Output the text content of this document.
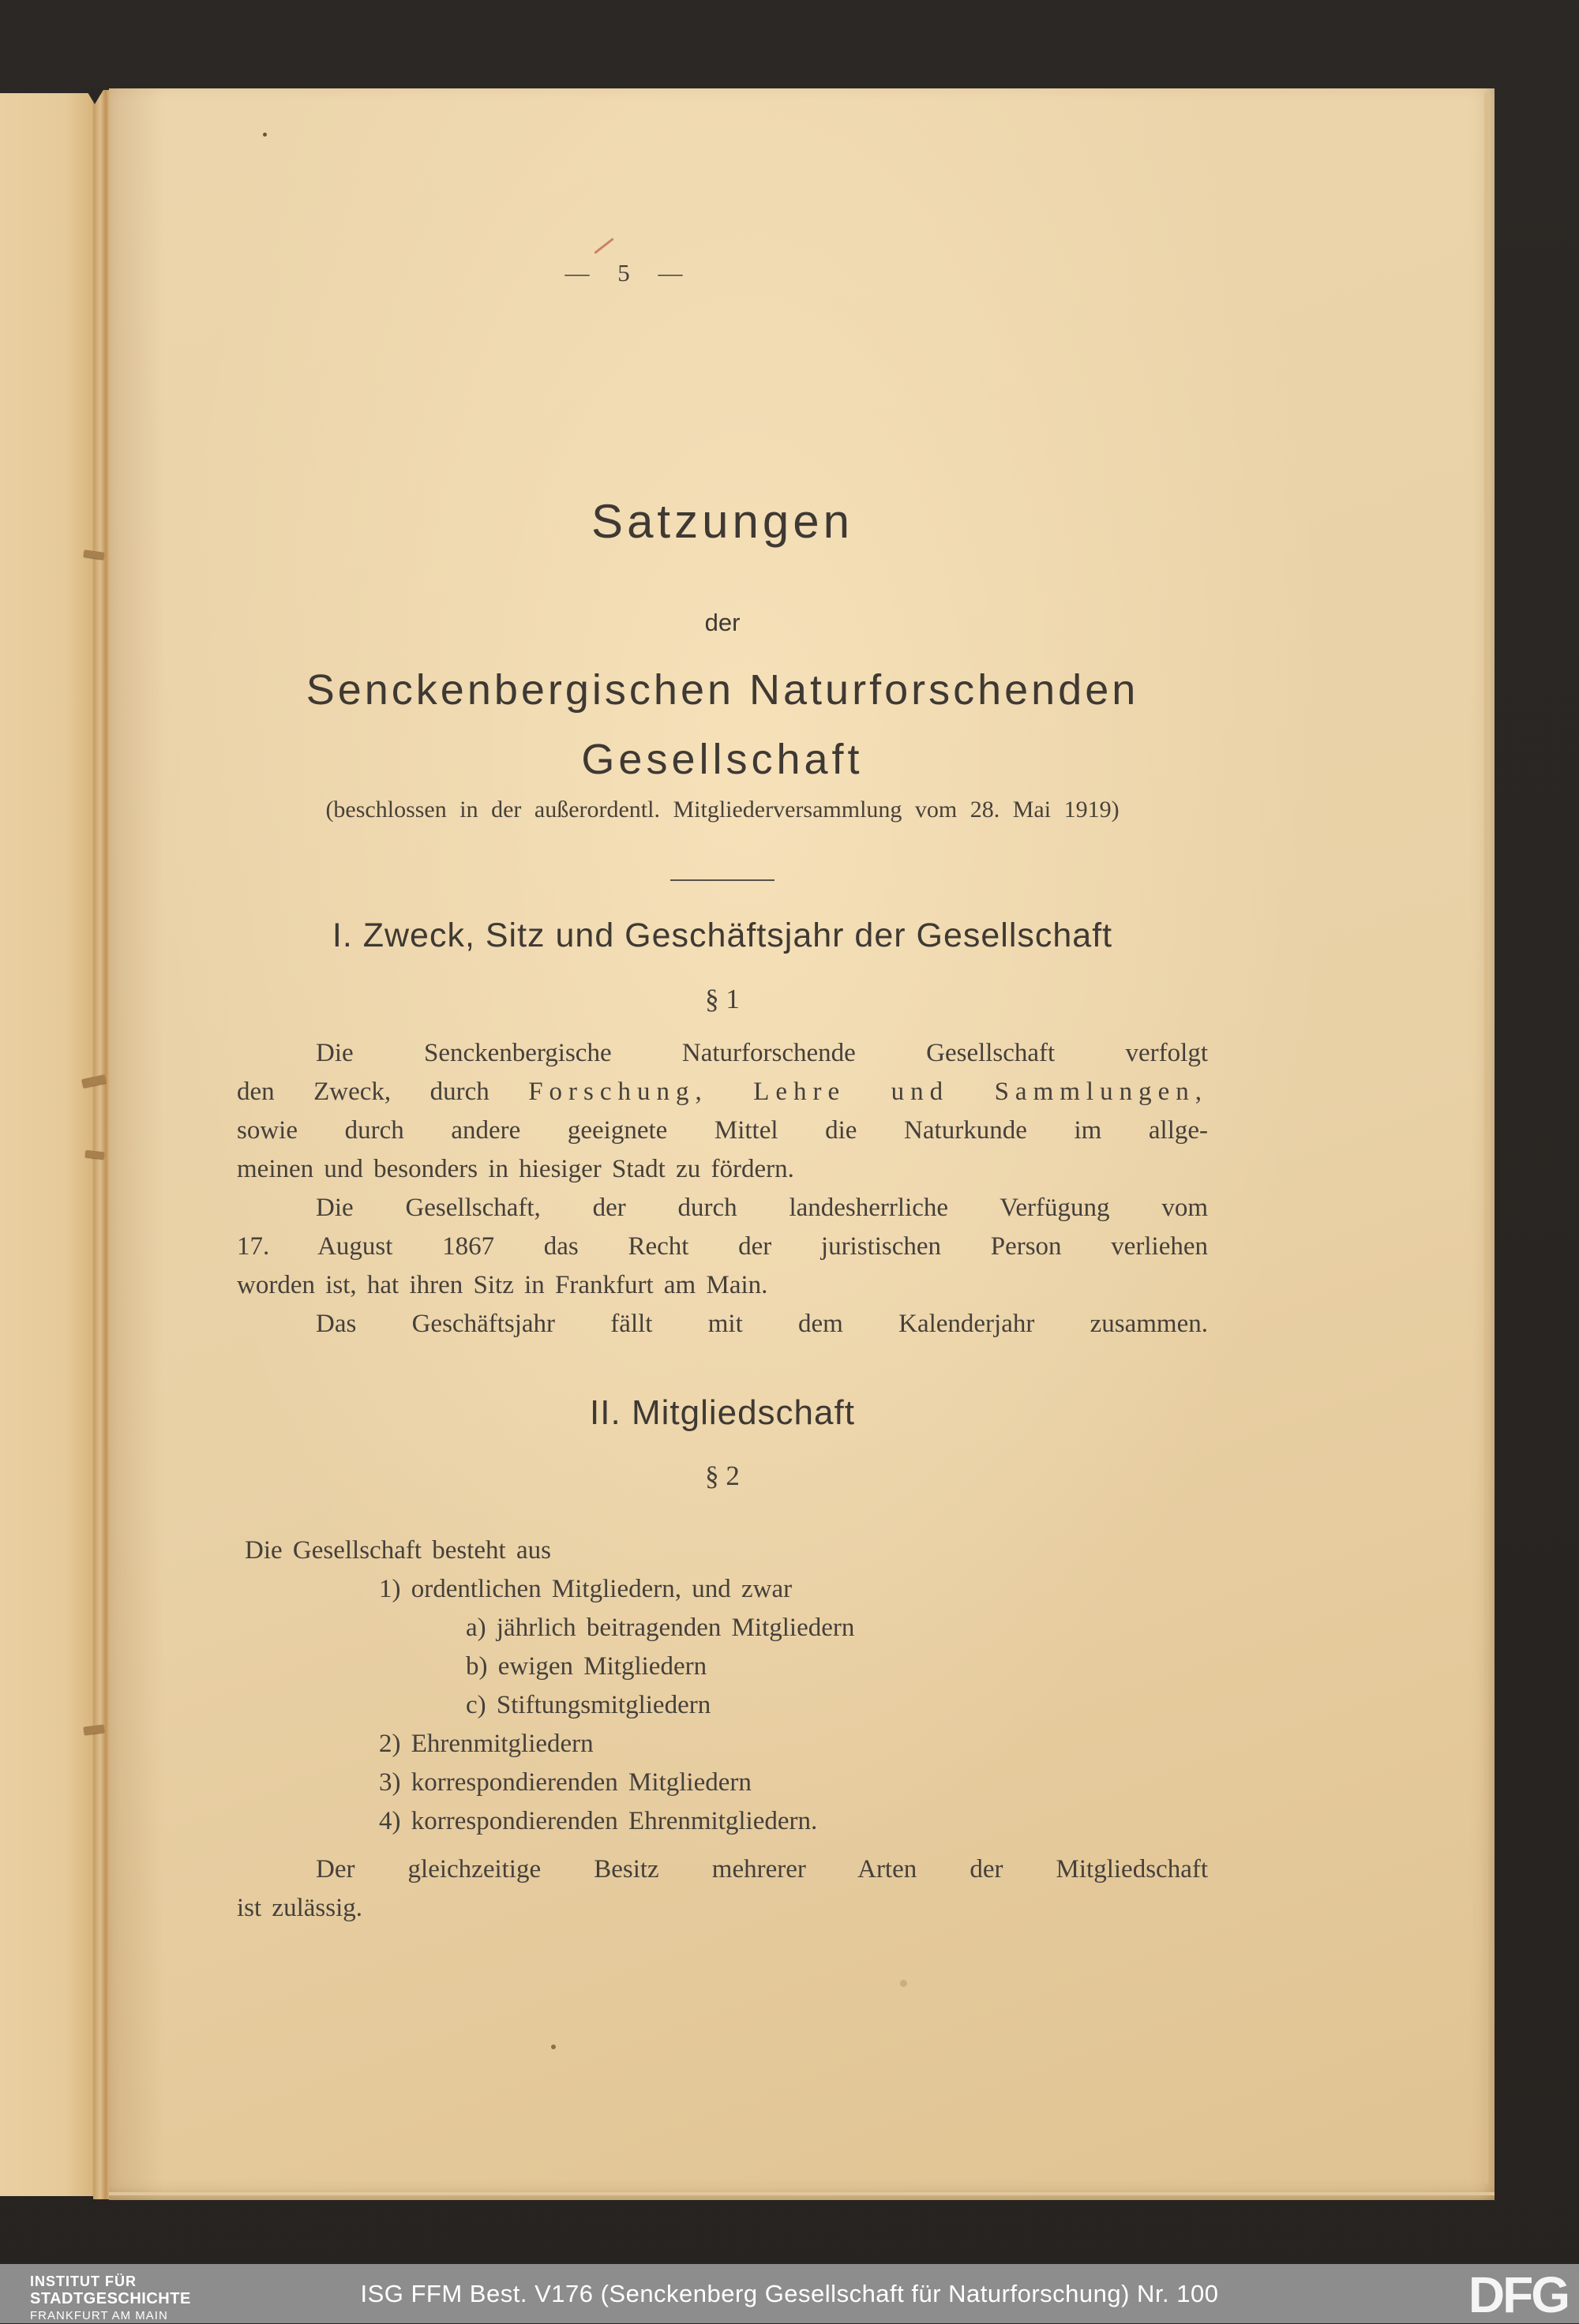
— 5 —
Satzungen
der
Senckenbergischen Naturforschenden
Gesellschaft
(beschlossen in der außerordentl. Mitgliederversammlung vom 28. Mai 1919)
I. Zweck, Sitz und Geschäftsjahr der Gesellschaft
§ 1
Die Senckenbergische Naturforschende Gesellschaft verfolgt
den Zweck, durch Forschung, Lehre und Sammlungen,
sowie durch andere geeignete Mittel die Naturkunde im allge-
meinen und besonders in hiesiger Stadt zu fördern.
Die Gesellschaft, der durch landesherrliche Verfügung vom
17. August 1867 das Recht der juristischen Person verliehen
worden ist, hat ihren Sitz in Frankfurt am Main.
Das Geschäftsjahr fällt mit dem Kalenderjahr zusammen.
II. Mitgliedschaft
§ 2
Die Gesellschaft besteht aus
1) ordentlichen Mitgliedern, und zwar
a) jährlich beitragenden Mitgliedern
b) ewigen Mitgliedern
c) Stiftungsmitgliedern
2) Ehrenmitgliedern
3) korrespondierenden Mitgliedern
4) korrespondierenden Ehrenmitgliedern.
Der gleichzeitige Besitz mehrerer Arten der Mitgliedschaft
ist zulässig.
INSTITUT FÜR
STADTGESCHICHTE
FRANKFURT AM MAIN
ISG FFM Best. V176 (Senckenberg Gesellschaft für Naturforschung) Nr. 100	DFG
